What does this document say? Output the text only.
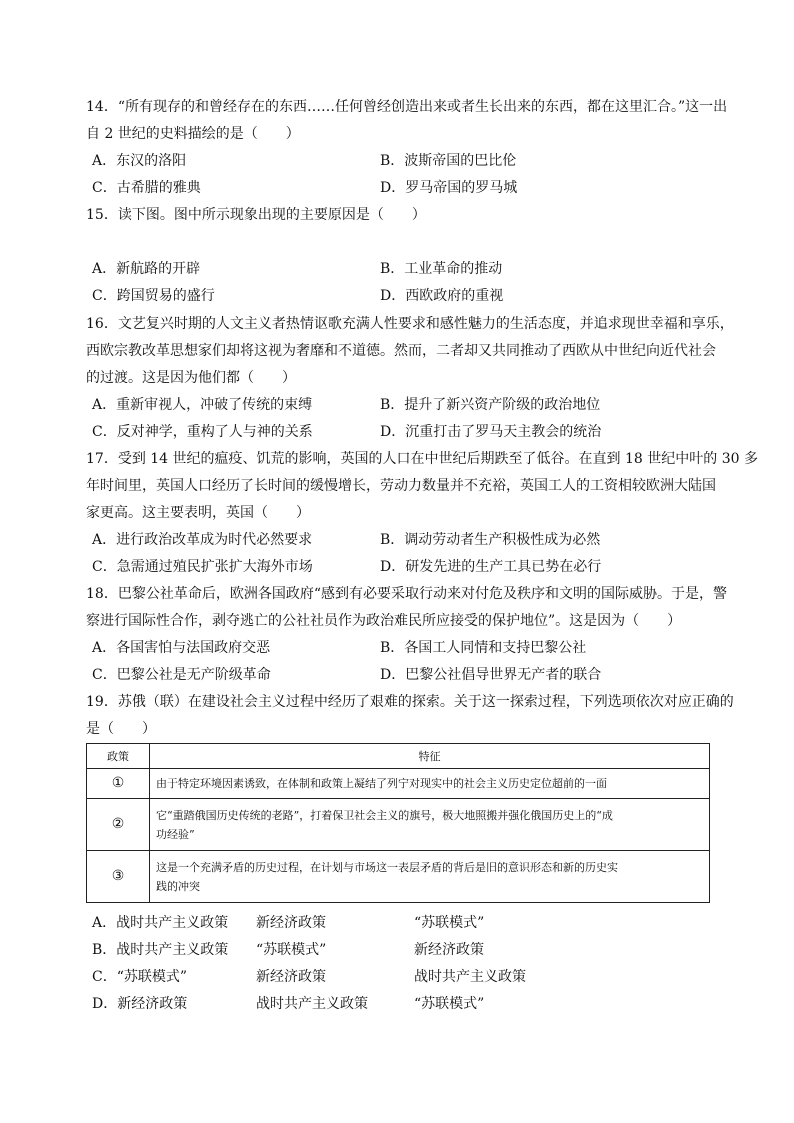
14．“所有现存的和曾经存在的东西……任何曾经创造出来或者生长出来的东西，都在这里汇合。”这一出
自 2 世纪的史料描绘的是（　　）
A．东汉的洛阳	B．波斯帝国的巴比伦
C．古希腊的雅典	D．罗马帝国的罗马城
15．读下图。图中所示现象出现的主要原因是（　　）
A．新航路的开辟	B．工业革命的推动
C．跨国贸易的盛行	D．西欧政府的重视
16．文艺复兴时期的人文主义者热情讴歌充满人性要求和感性魅力的生活态度，并追求现世幸福和享乐，
西欧宗教改革思想家们却将这视为奢靡和不道德。然而，二者却又共同推动了西欧从中世纪向近代社会
的过渡。这是因为他们都（　　）
A．重新审视人，冲破了传统的束缚	B．提升了新兴资产阶级的政治地位
C．反对神学，重构了人与神的关系	D．沉重打击了罗马天主教会的统治
17．受到 14 世纪的瘟疫、饥荒的影响，英国的人口在中世纪后期跌至了低谷。在直到 18 世纪中叶的 30 多
年时间里，英国人口经历了长时间的缓慢增长，劳动力数量并不充裕，英国工人的工资相较欧洲大陆国
家更高。这主要表明，英国（　　）
A．进行政治改革成为时代必然要求	B．调动劳动者生产积极性成为必然
C．急需通过殖民扩张扩大海外市场	D．研发先进的生产工具已势在必行
18．巴黎公社革命后，欧洲各国政府“感到有必要采取行动来对付危及秩序和文明的国际威胁。于是，警
察进行国际性合作，剥夺逃亡的公社社员作为政治难民所应接受的保护地位”。这是因为（　　）
A．各国害怕与法国政府交恶	B．各国工人同情和支持巴黎公社
C．巴黎公社是无产阶级革命	D．巴黎公社倡导世界无产者的联合
19．苏俄（联）在建设社会主义过程中经历了艰难的探索。关于这一探索过程，下列选项依次对应正确的
是（　　）
政策	特征
①	由于特定环境因素诱致，在体制和政策上凝结了列宁对现实中的社会主义历史定位超前的一面
②	它“重踏俄国历史传统的老路”，打着保卫社会主义的旗号，极大地照搬并强化俄国历史上的“成
功经验”

③	这是一个充满矛盾的历史过程，在计划与市场这一表层矛盾的背后是旧的意识形态和新的历史实
践的冲突
A．战时共产主义政策 新经济政策	“苏联模式”
B．战时共产主义政策 “苏联模式”	新经济政策
C．“苏联模式”	新经济政策	战时共产主义政策
D．新经济政策	战时共产主义政策	“苏联模式”
